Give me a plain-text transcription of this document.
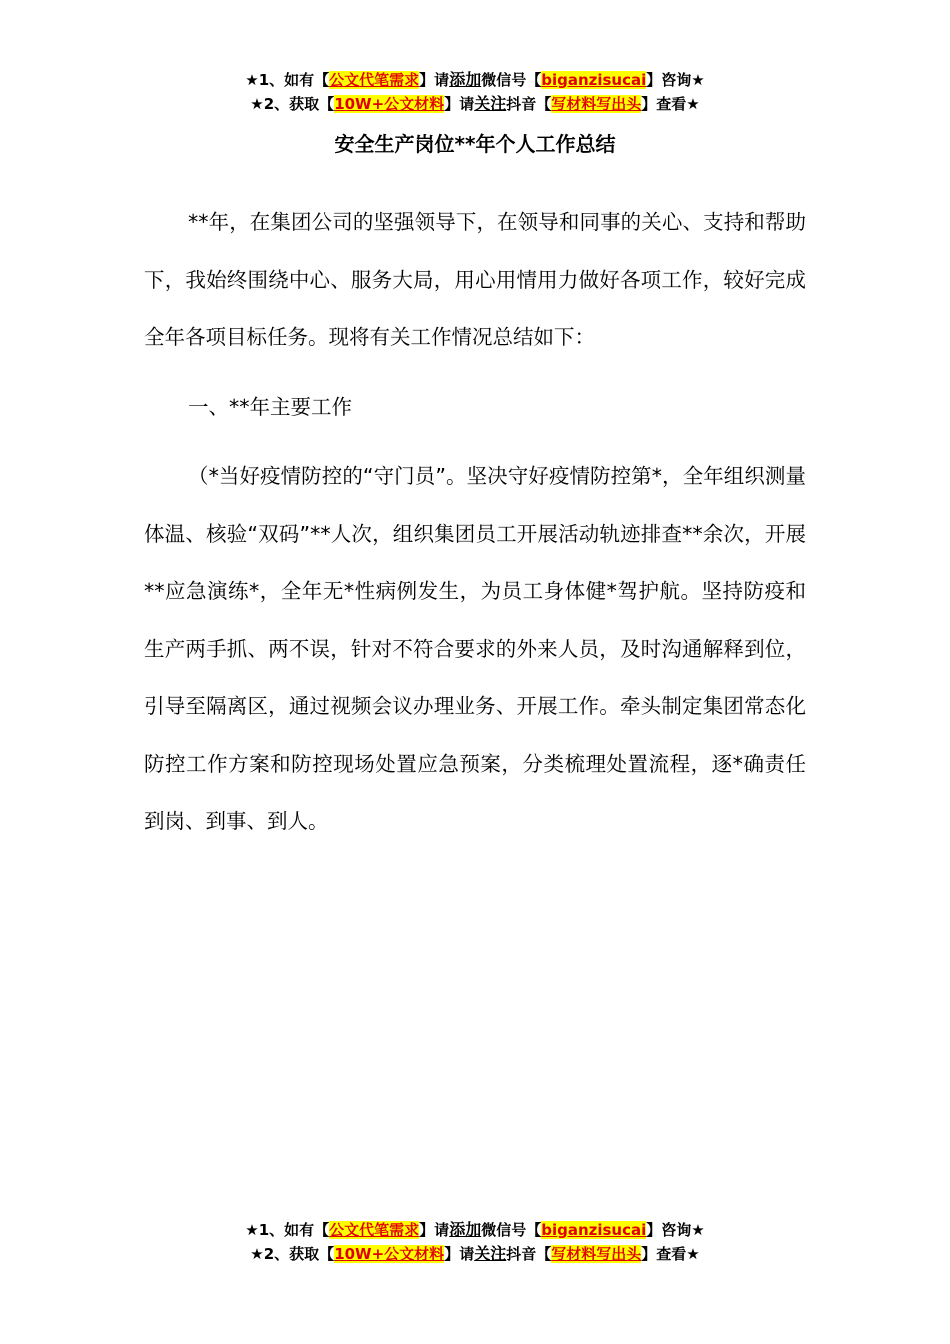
★1、如有【公文代笔需求】请添加微信号【biganzisucai】咨询★
★2、获取【10W+公文材料】请关注抖音【写材料写出头】查看★
安全生产岗位**年个人工作总结

**年，在集团公司的坚强领导下，在领导和同事的关心、支持和帮助下，我始终围绕中心、服务大局，用心用情用力做好各项工作，较好完成全年各项目标任务。现将有关工作情况总结如下：

一、**年主要工作

（*当好疫情防控的“守门员”。坚决守好疫情防控第*，全年组织测量体温、核验“双码”**人次，组织集团员工开展活动轨迹排查**余次，开展**应急演练*，全年无*性病例发生，为员工身体健*驾护航。坚持防疫和生产两手抓、两不误，针对不符合要求的外来人员，及时沟通解释到位，引导至隔离区，通过视频会议办理业务、开展工作。牵头制定集团常态化防控工作方案和防控现场处置应急预案，分类梳理处置流程，逐*确责任到岗、到事、到人。

★1、如有【公文代笔需求】请添加微信号【biganzisucai】咨询★
★2、获取【10W+公文材料】请关注抖音【写材料写出头】查看★
